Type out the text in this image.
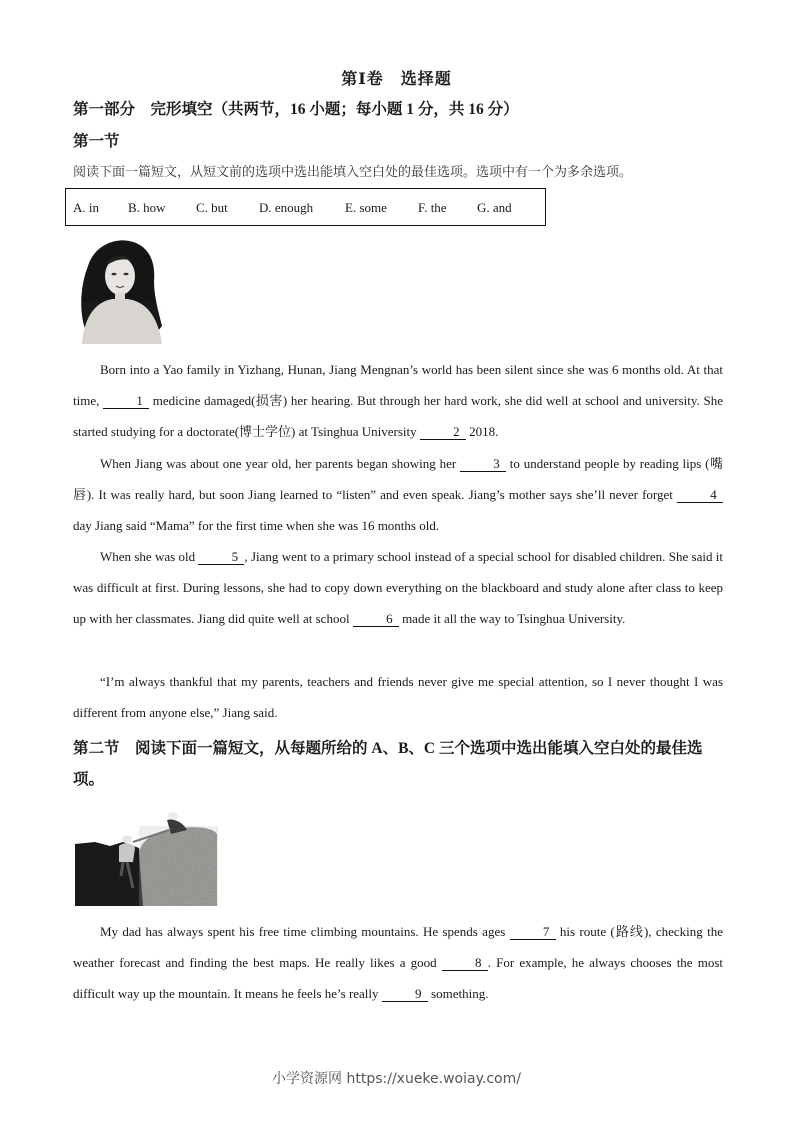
第Ⅰ卷　选择题
第一部分　完形填空（共两节，16 小题；每小题 1 分，共 16 分）
第一节
阅读下面一篇短文，从短文前的选项中选出能填入空白处的最佳选项。选项中有一个为多余选项。
A. in B. how C. but D. enough E. some F. the G. and
Born into a Yao family in Yizhang, Hunan, Jiang Mengnan’s world has been silent since she was 6 months old. At that time,	1 medicine damaged(损害) her hearing. But through her hard work, she did well at school and university. She started studying for a doctorate(博士学位) at Tsinghua University	2 2018.
When Jiang was about one year old, her parents began showing her	3 to understand people by reading lips (嘴唇). It was really hard, but soon Jiang learned to “listen” and even speak. Jiang’s mother says she’ll never forget	4 day Jiang said “Mama” for the first time when she was 16 months old.
When she was old	5 , Jiang went to a primary school instead of a special school for disabled children. She said it was difficult at first. During lessons, she had to copy down everything on the blackboard and study alone after class to keep up with her classmates. Jiang did quite well at school	6 made it all the way to Tsinghua University.
“I’m always thankful that my parents, teachers and friends never give me special attention, so I never thought I was different from anyone else,” Jiang said.
第二节　阅读下面一篇短文，从每题所给的 A、B、C 三个选项中选出能填入空白处的最佳选项。
My dad has always spent his free time climbing mountains. He spends ages	7 his route (路线), checking the weather forecast and finding the best maps. He really likes a good	8 . For example, he always chooses the most difficult way up the mountain. It means he feels he’s really	9 something.
小学资源网 https://xueke.woiay.com/
